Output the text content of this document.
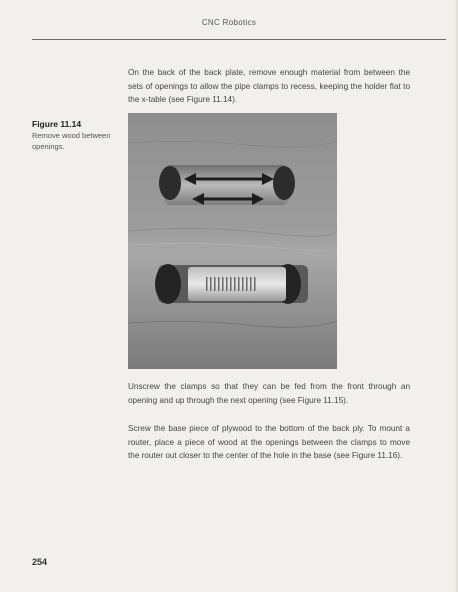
CNC Robotics

On the back of the back plate, remove enough material from between the sets of openings to allow the pipe clamps to recess, keeping the holder flat to the x-table (see Figure 11.14).

Figure 11.14
Remove wood between openings.

Unscrew the clamps so that they can be fed from the front through an opening and up through the next opening (see Figure 11.15).

Screw the base piece of plywood to the bottom of the back ply. To mount a router, place a piece of wood at the openings between the clamps to move the router out closer to the center of the hole in the base (see Figure 11.16).

254
